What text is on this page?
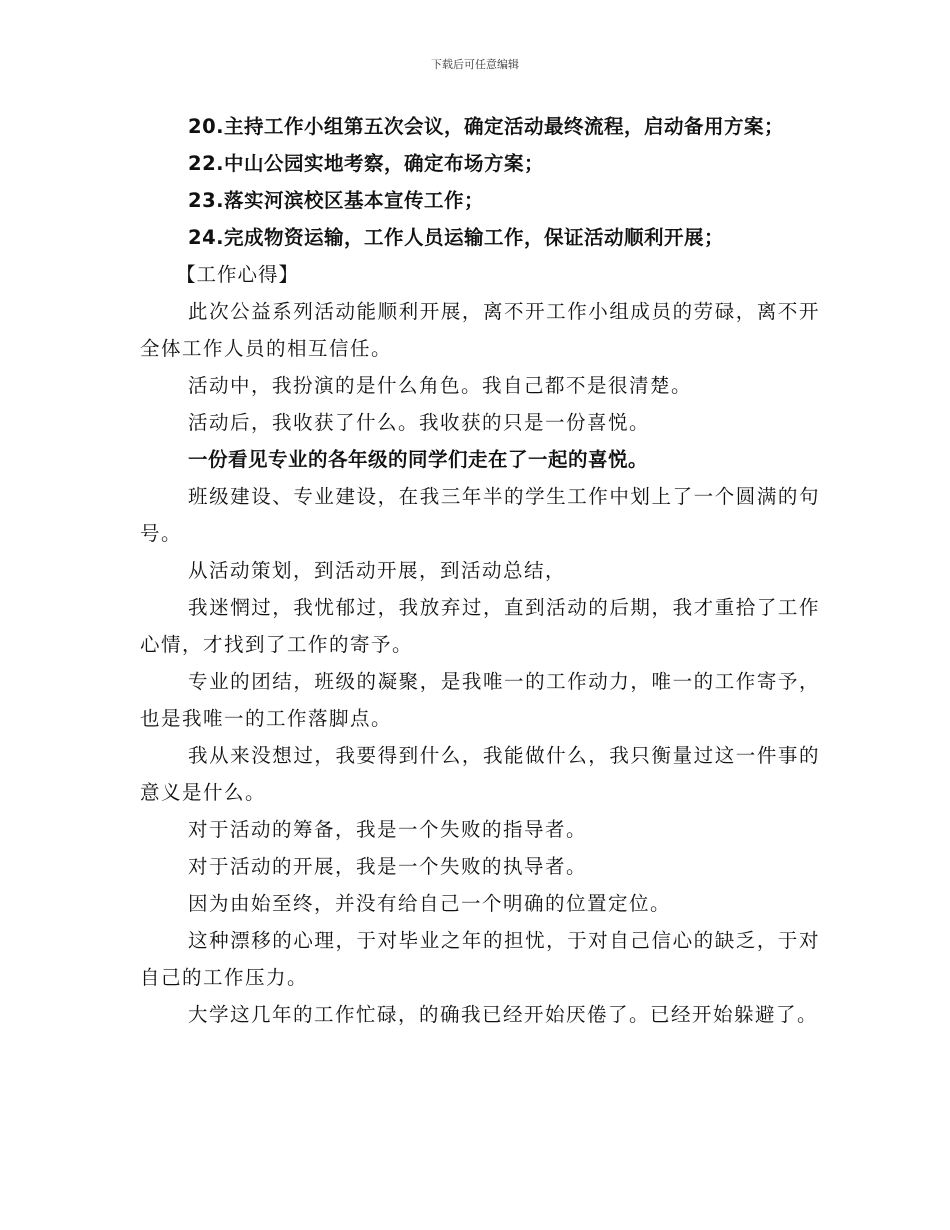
下载后可任意编辑

20.主持工作小组第五次会议，确定活动最终流程，启动备用方案；

22.中山公园实地考察，确定布场方案；

23.落实河滨校区基本宣传工作；

24.完成物资运输，工作人员运输工作，保证活动顺利开展；

【工作心得】

此次公益系列活动能顺利开展，离不开工作小组成员的劳碌，离不开全体工作人员的相互信任。

活动中，我扮演的是什么角色。我自己都不是很清楚。

活动后，我收获了什么。我收获的只是一份喜悦。

一份看见专业的各年级的同学们走在了一起的喜悦。

班级建设、专业建设，在我三年半的学生工作中划上了一个圆满的句号。

从活动策划，到活动开展，到活动总结，

我迷惘过，我忧郁过，我放弃过，直到活动的后期，我才重拾了工作心情，才找到了工作的寄予。

专业的团结，班级的凝聚，是我唯一的工作动力，唯一的工作寄予，也是我唯一的工作落脚点。

我从来没想过，我要得到什么，我能做什么，我只衡量过这一件事的意义是什么。

对于活动的筹备，我是一个失败的指导者。

对于活动的开展，我是一个失败的执导者。

因为由始至终，并没有给自己一个明确的位置定位。

这种漂移的心理，于对毕业之年的担忧，于对自己信心的缺乏，于对自己的工作压力。

大学这几年的工作忙碌，的确我已经开始厌倦了。已经开始躲避了。
